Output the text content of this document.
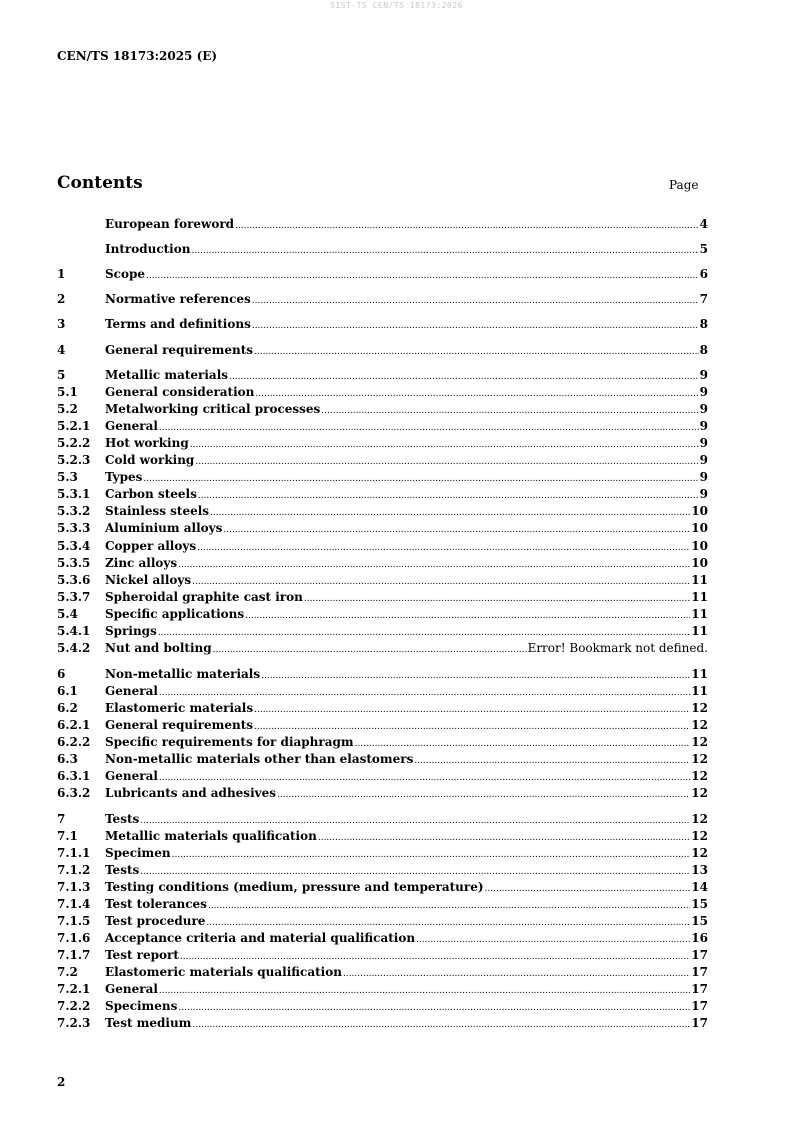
SIST-TS CEN/TS 18173:2026
CEN/TS 18173:2025 (E)
Contents	Page
European foreword .....	4
Introduction .....	5
1	Scope .....	6
2	Normative references .....	7
3	Terms and definitions .....	8
4	General requirements .....	8
5	Metallic materials .....	9
5.1	General consideration .....	9
5.2	Metalworking critical processes .....	9
5.2.1	General .....	9
5.2.2	Hot working .....	9
5.2.3	Cold working .....	9
5.3	Types .....	9
5.3.1	Carbon steels .....	9
5.3.2	Stainless steels .....	10
5.3.3	Aluminium alloys .....	10
5.3.4	Copper alloys .....	10
5.3.5	Zinc alloys .....	10
5.3.6	Nickel alloys .....	11
5.3.7	Spheroidal graphite cast iron .....	11
5.4	Specific applications .....	11
5.4.1	Springs .....	11
5.4.2	Nut and bolting .....	Error! Bookmark not defined.
6	Non-metallic materials .....	11
6.1	General .....	11
6.2	Elastomeric materials .....	12
6.2.1	General requirements .....	12
6.2.2	Specific requirements for diaphragm .....	12
6.3	Non-metallic materials other than elastomers .....	12
6.3.1	General .....	12
6.3.2	Lubricants and adhesives .....	12
7	Tests .....	12
7.1	Metallic materials qualification .....	12
7.1.1	Specimen .....	12
7.1.2	Tests .....	13
7.1.3	Testing conditions (medium, pressure and temperature) .....	14
7.1.4	Test tolerances .....	15
7.1.5	Test procedure .....	15
7.1.6	Acceptance criteria and material qualification .....	16
7.1.7	Test report .....	17
7.2	Elastomeric materials qualification .....	17
7.2.1	General .....	17
7.2.2	Specimens .....	17
7.2.3	Test medium .....	17
2
